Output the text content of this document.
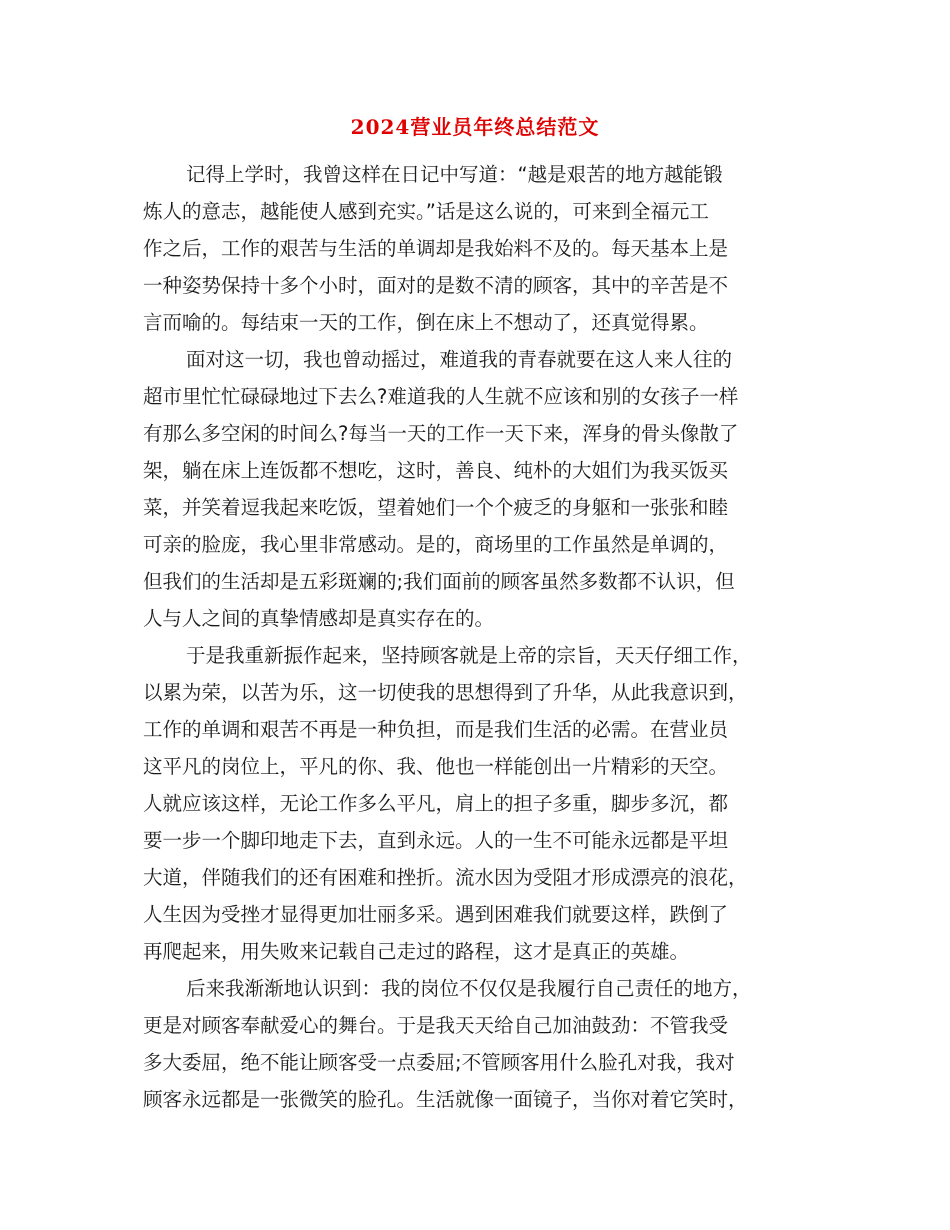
2024营业员年终总结范文
记得上学时，我曾这样在日记中写道：“越是艰苦的地方越能锻
炼人的意志，越能使人感到充实。”话是这么说的，可来到全福元工
作之后，工作的艰苦与生活的单调却是我始料不及的。每天基本上是
一种姿势保持十多个小时，面对的是数不清的顾客，其中的辛苦是不
言而喻的。每结束一天的工作，倒在床上不想动了，还真觉得累。
面对这一切，我也曾动摇过，难道我的青春就要在这人来人往的
超市里忙忙碌碌地过下去么?难道我的人生就不应该和别的女孩子一样
有那么多空闲的时间么?每当一天的工作一天下来，浑身的骨头像散了
架，躺在床上连饭都不想吃，这时，善良、纯朴的大姐们为我买饭买
菜，并笑着逗我起来吃饭，望着她们一个个疲乏的身躯和一张张和睦
可亲的脸庞，我心里非常感动。是的，商场里的工作虽然是单调的，
但我们的生活却是五彩斑斓的;我们面前的顾客虽然多数都不认识，但
人与人之间的真挚情感却是真实存在的。
于是我重新振作起来，坚持顾客就是上帝的宗旨，天天仔细工作，
以累为荣，以苦为乐，这一切使我的思想得到了升华，从此我意识到，
工作的单调和艰苦不再是一种负担，而是我们生活的必需。在营业员
这平凡的岗位上，平凡的你、我、他也一样能创出一片精彩的天空。
人就应该这样，无论工作多么平凡，肩上的担子多重，脚步多沉，都
要一步一个脚印地走下去，直到永远。人的一生不可能永远都是平坦
大道，伴随我们的还有困难和挫折。流水因为受阻才形成漂亮的浪花，
人生因为受挫才显得更加壮丽多采。遇到困难我们就要这样，跌倒了
再爬起来，用失败来记载自己走过的路程，这才是真正的英雄。
后来我渐渐地认识到：我的岗位不仅仅是我履行自己责任的地方，
更是对顾客奉献爱心的舞台。于是我天天给自己加油鼓劲：不管我受
多大委屈，绝不能让顾客受一点委屈;不管顾客用什么脸孔对我，我对
顾客永远都是一张微笑的脸孔。生活就像一面镜子，当你对着它笑时，
